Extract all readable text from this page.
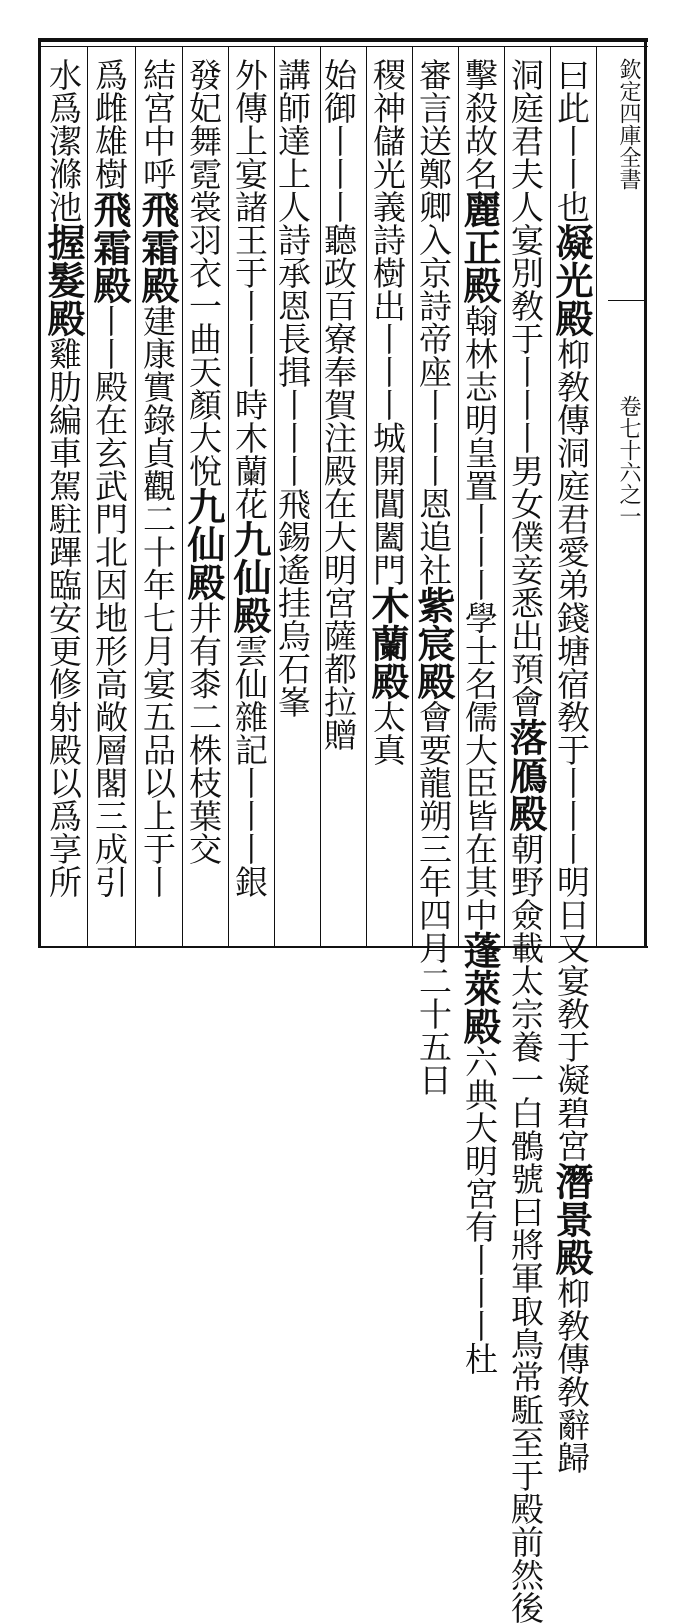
欽定四庫全書
卷七十六之一
曰此丨丨也凝光殿枊敎傳洞庭君愛弟錢塘宿敎于丨丨丨明日又宴敎于凝碧宮潛景殿枊敎傳敎辭歸
洞庭君夫人宴別敎于丨丨丨男女僕妾悉出預會落鴈殿朝野僉載太宗養一白鶻號曰將軍取鳥常駈至于殿前然後
擊殺故名麗正殿翰林志明皇置丨丨丨學士名儒大臣皆在其中蓬萊殿六典大明宮有丨丨丨杜
審言送鄭卿入京詩帝座丨丨丨恩追社紫宸殿會要龍朔三年四月二十五日
稷神儲光義詩樹出丨丨丨城開閶闔門木蘭殿太真
始御丨丨丨聽政百寮奉賀注殿在大明宮薩都拉贈
講師達上人詩承恩長揖丨丨丨飛錫遙挂烏石峯
外傳上宴諸王于丨丨丨時木蘭花九仙殿雲仙雜記丨丨丨銀
發妃舞霓裳羽衣一曲天顏大悅九仙殿井有桼二株枝葉交
結宮中呼飛霜殿建康實錄貞觀二十年七月宴五品以上于丨
爲雌雄樹飛霜殿丨丨殿在玄武門北因地形高敞層閣三成引
水爲潔滌池握髮殿雞肋編車駕駐蹕臨安更修射殿以爲享所
